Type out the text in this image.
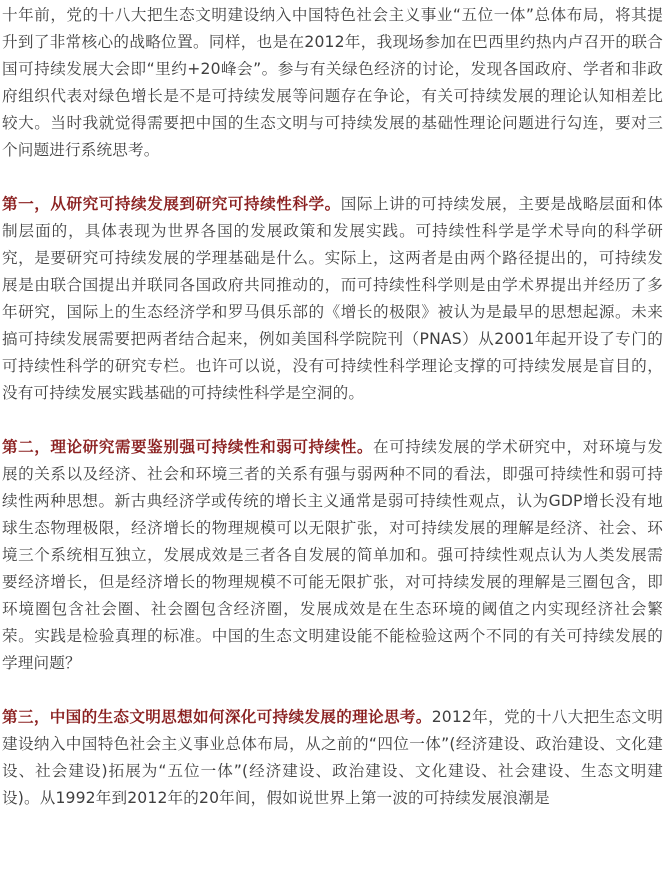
十年前，党的十八大把生态文明建设纳入中国特色社会主义事业“五位一体”总体布局，将其提升到了非常核心的战略位置。同样，也是在2012年，我现场参加在巴西里约热内卢召开的联合国可持续发展大会即“里约+20峰会”。参与有关绿色经济的讨论，发现各国政府、学者和非政府组织代表对绿色增长是不是可持续发展等问题存在争论，有关可持续发展的理论认知相差比较大。当时我就觉得需要把中国的生态文明与可持续发展的基础性理论问题进行勾连，要对三个问题进行系统思考。

第一，从研究可持续发展到研究可持续性科学。国际上讲的可持续发展，主要是战略层面和体制层面的，具体表现为世界各国的发展政策和发展实践。可持续性科学是学术导向的科学研究，是要研究可持续发展的学理基础是什么。实际上，这两者是由两个路径提出的，可持续发展是由联合国提出并联同各国政府共同推动的，而可持续性科学则是由学术界提出并经历了多年研究，国际上的生态经济学和罗马俱乐部的《增长的极限》被认为是最早的思想起源。未来搞可持续发展需要把两者结合起来，例如美国科学院院刊（PNAS）从2001年起开设了专门的可持续性科学的研究专栏。也许可以说，没有可持续性科学理论支撑的可持续发展是盲目的，没有可持续发展实践基础的可持续性科学是空洞的。

第二，理论研究需要鉴别强可持续性和弱可持续性。在可持续发展的学术研究中，对环境与发展的关系以及经济、社会和环境三者的关系有强与弱两种不同的看法，即强可持续性和弱可持续性两种思想。新古典经济学或传统的增长主义通常是弱可持续性观点，认为GDP增长没有地球生态物理极限，经济增长的物理规模可以无限扩张，对可持续发展的理解是经济、社会、环境三个系统相互独立，发展成效是三者各自发展的简单加和。强可持续性观点认为人类发展需要经济增长，但是经济增长的物理规模不可能无限扩张，对可持续发展的理解是三圈包含，即环境圈包含社会圈、社会圈包含经济圈，发展成效是在生态环境的阈值之内实现经济社会繁荣。实践是检验真理的标准。中国的生态文明建设能不能检验这两个不同的有关可持续发展的学理问题？

第三，中国的生态文明思想如何深化可持续发展的理论思考。2012年，党的十八大把生态文明建设纳入中国特色社会主义事业总体布局，从之前的“四位一体”(经济建设、政治建设、文化建设、社会建设)拓展为“五位一体”(经济建设、政治建设、文化建设、社会建设、生态文明建设)。从1992年到2012年的20年间，假如说世界上第一波的可持续发展浪潮是
